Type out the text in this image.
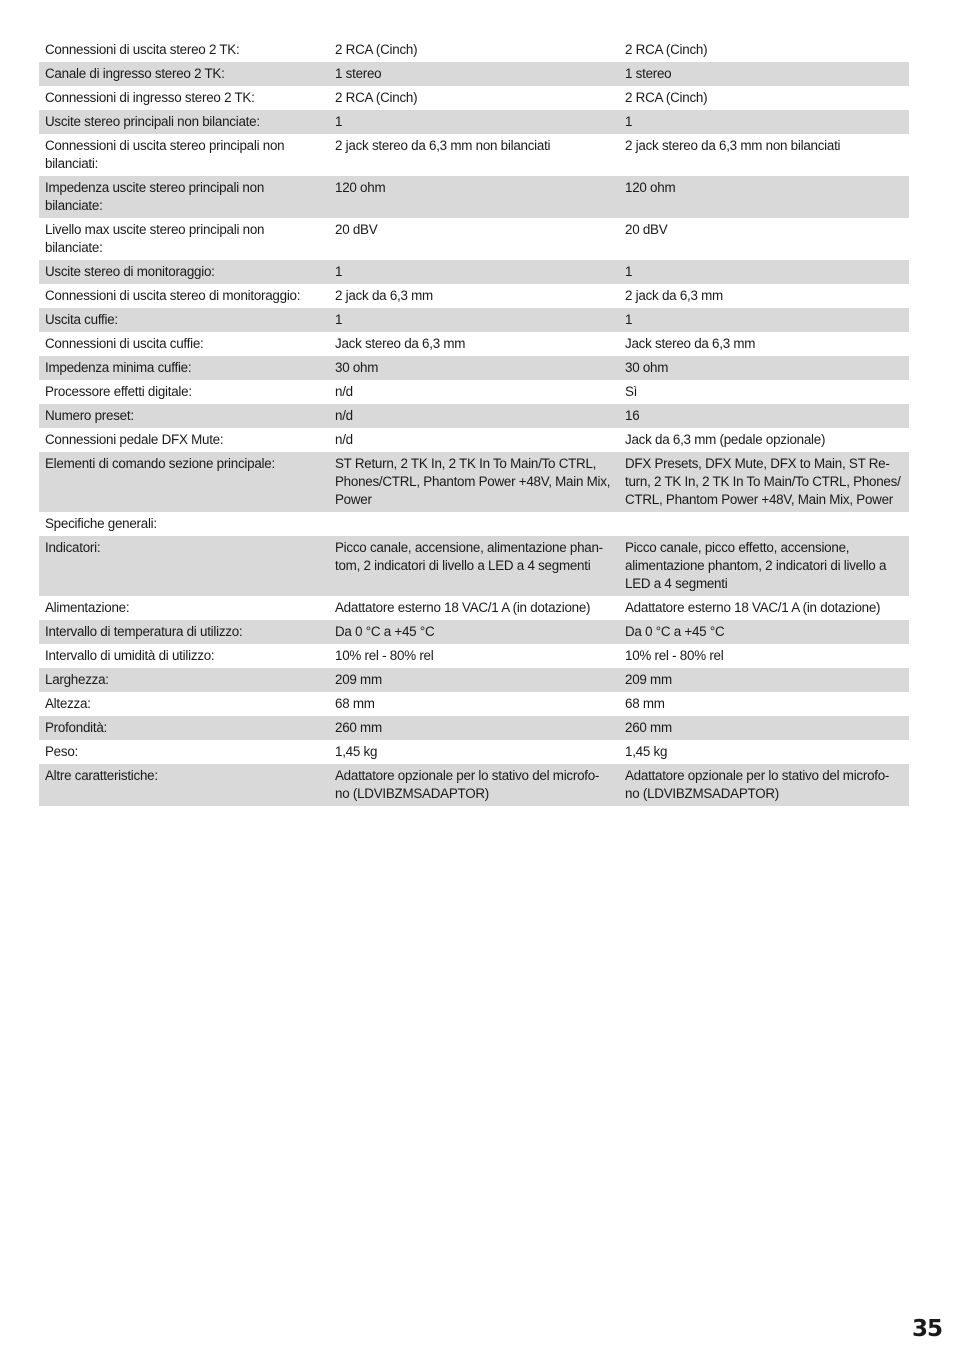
Connessioni di uscita stereo 2 TK:	2 RCA (Cinch)	2 RCA (Cinch)
Canale di ingresso stereo 2 TK:	1 stereo	1 stereo
Connessioni di ingresso stereo 2 TK:	2 RCA (Cinch)	2 RCA (Cinch)
Uscite stereo principali non bilanciate:	1	1
Connessioni di uscita stereo principali non bilanciati:	2 jack stereo da 6,3 mm non bilanciati	2 jack stereo da 6,3 mm non bilanciati
Impedenza uscite stereo principali non bilanciate:	120 ohm	120 ohm
Livello max uscite stereo principali non bilanciate:	20 dBV	20 dBV
Uscite stereo di monitoraggio:	1	1
Connessioni di uscita stereo di monitoraggio:	2 jack da 6,3 mm	2 jack da 6,3 mm
Uscita cuffie:	1	1
Connessioni di uscita cuffie:	Jack stereo da 6,3 mm	Jack stereo da 6,3 mm
Impedenza minima cuffie:	30 ohm	30 ohm
Processore effetti digitale:	n/d	Sì
Numero preset:	n/d	16
Connessioni pedale DFX Mute:	n/d	Jack da 6,3 mm (pedale opzionale)
Elementi di comando sezione principale:	ST Return, 2 TK In, 2 TK In To Main/To CTRL, Phones/CTRL, Phantom Power +48V, Main Mix, Power	DFX Presets, DFX Mute, DFX to Main, ST Re-turn, 2 TK In, 2 TK In To Main/To CTRL, Phones/ CTRL, Phantom Power +48V, Main Mix, Power
Specifiche generali:		
Indicatori:	Picco canale, accensione, alimentazione phan-tom, 2 indicatori di livello a LED a 4 segmenti	Picco canale, picco effetto, accensione, alimentazione phantom, 2 indicatori di livello a LED a 4 segmenti
Alimentazione:	Adattatore esterno 18 VAC/1 A (in dotazione)	Adattatore esterno 18 VAC/1 A (in dotazione)
Intervallo di temperatura di utilizzo:	Da 0 °C a +45 °C	Da 0 °C a +45 °C
Intervallo di umidità di utilizzo:	10% rel - 80% rel	10% rel - 80% rel
Larghezza:	209 mm	209 mm
Altezza:	68 mm	68 mm
Profondità:	260 mm	260 mm
Peso:	1,45 kg	1,45 kg
Altre caratteristiche:	Adattatore opzionale per lo stativo del microfo-no (LDVIBZMSADAPTOR)	Adattatore opzionale per lo stativo del microfo-no (LDVIBZMSADAPTOR)
35
